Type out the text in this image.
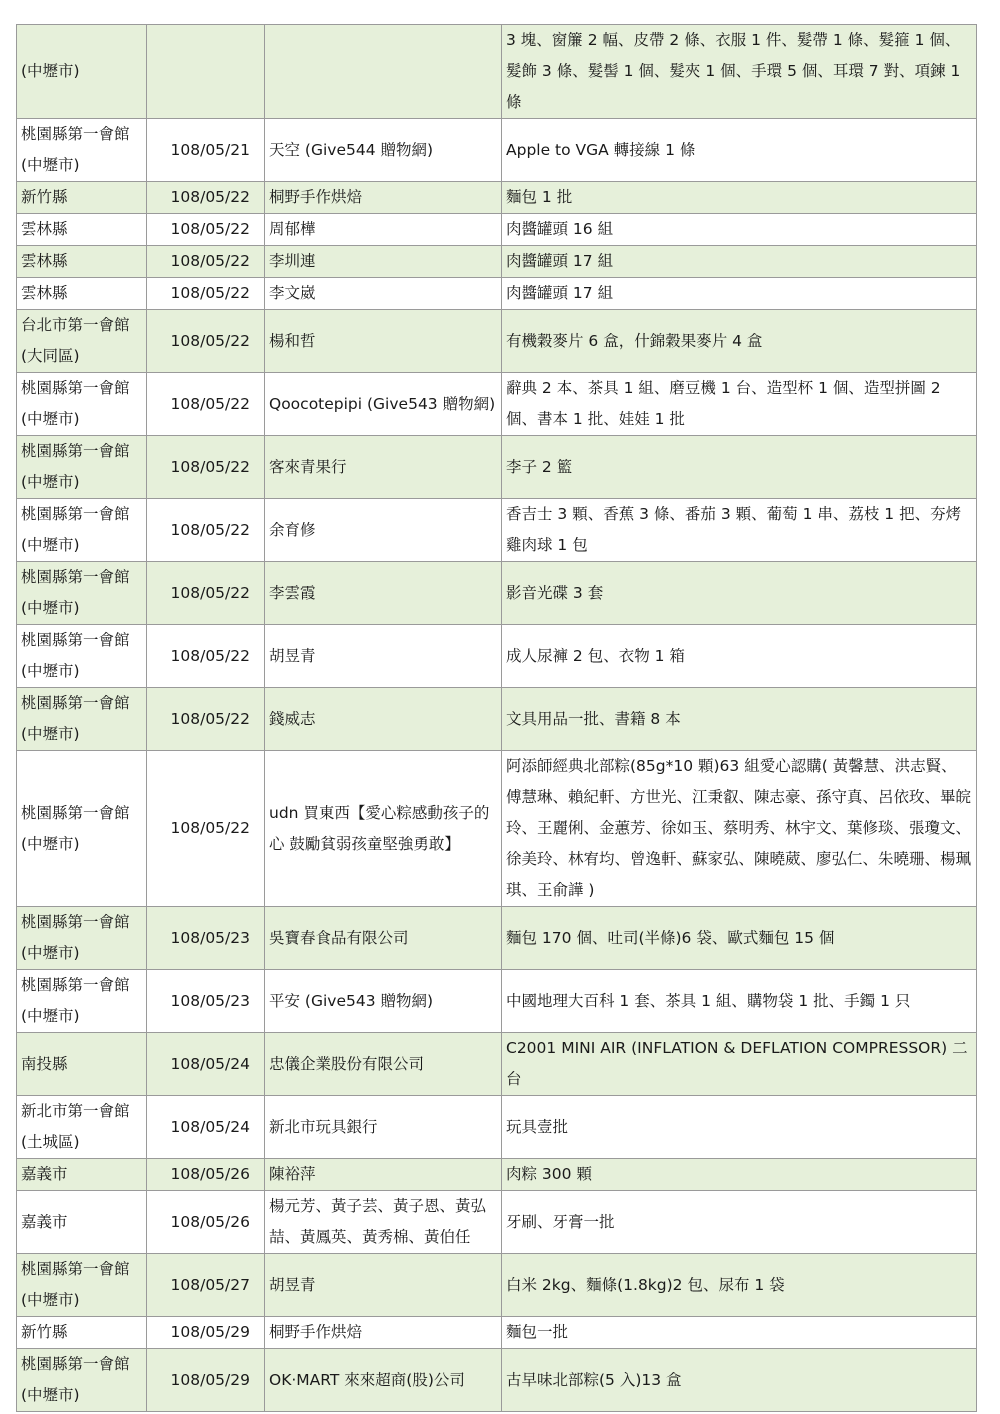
(中壢市)			3 塊、窗簾 2 幅、皮帶 2 條、衣服 1 件、髮帶 1 條、髮箍 1 個、髮飾 3 條、髮髻 1 個、髮夾 1 個、手環 5 個、耳環 7 對、項鍊 1 條
桃園縣第一會館(中壢市)	108/05/21	天空 (Give544 贈物網)	Apple to VGA 轉接線 1 條
新竹縣	108/05/22	桐野手作烘焙	麵包 1 批
雲林縣	108/05/22	周郁樺	肉醬罐頭 16 組
雲林縣	108/05/22	李圳連	肉醬罐頭 17 組
雲林縣	108/05/22	李文崴	肉醬罐頭 17 組
台北市第一會館(大同區)	108/05/22	楊和哲	有機穀麥片 6 盒，什錦穀果麥片 4 盒
桃園縣第一會館(中壢市)	108/05/22	Qoocotepipi (Give543 贈物網)	辭典 2 本、茶具 1 組、磨豆機 1 台、造型杯 1 個、造型拼圖 2 個、書本 1 批、娃娃 1 批
桃園縣第一會館(中壢市)	108/05/22	客來青果行	李子 2 籃
桃園縣第一會館(中壢市)	108/05/22	余育修	香吉士 3 顆、香蕉 3 條、番茄 3 顆、葡萄 1 串、荔枝 1 把、夯烤雞肉球 1 包
桃園縣第一會館(中壢市)	108/05/22	李雲霞	影音光碟 3 套
桃園縣第一會館(中壢市)	108/05/22	胡昱青	成人尿褲 2 包、衣物 1 箱
桃園縣第一會館(中壢市)	108/05/22	錢威志	文具用品一批、書籍 8 本
桃園縣第一會館(中壢市)	108/05/22	udn 買東西【愛心粽感動孩子的心 鼓勵貧弱孩童堅強勇敢】	阿添師經典北部粽(85g*10 顆)63 組愛心認購( 黃馨慧、洪志賢、傅慧琳、賴紀軒、方世光、江秉叡、陳志豪、孫守真、呂依玫、畢皖玲、王麗俐、金蕙芳、徐如玉、蔡明秀、林宇文、葉修琰、張瓊文、徐美玲、林宥均、曾逸軒、蘇家弘、陳曉葳、廖弘仁、朱曉珊、楊珮琪、王俞譁 )
桃園縣第一會館(中壢市)	108/05/23	吳寶春食品有限公司	麵包 170 個、吐司(半條)6 袋、歐式麵包 15 個
桃園縣第一會館(中壢市)	108/05/23	平安 (Give543 贈物網)	中國地理大百科 1 套、茶具 1 組、購物袋 1 批、手鐲 1 只
南投縣	108/05/24	忠儀企業股份有限公司	C2001 MINI AIR (INFLATION & DEFLATION COMPRESSOR) 二台
新北市第一會館(土城區)	108/05/24	新北市玩具銀行	玩具壹批
嘉義市	108/05/26	陳裕萍	肉粽 300 顆
嘉義市	108/05/26	楊元芳、黃子芸、黃子恩、黃弘喆、黃鳳英、黃秀棉、黃伯任	牙刷、牙膏一批
桃園縣第一會館(中壢市)	108/05/27	胡昱青	白米 2kg、麵條(1.8kg)2 包、尿布 1 袋
新竹縣	108/05/29	桐野手作烘焙	麵包一批
桃園縣第一會館(中壢市)	108/05/29	OK‧MART 來來超商(股)公司	古早味北部粽(5 入)13 盒
